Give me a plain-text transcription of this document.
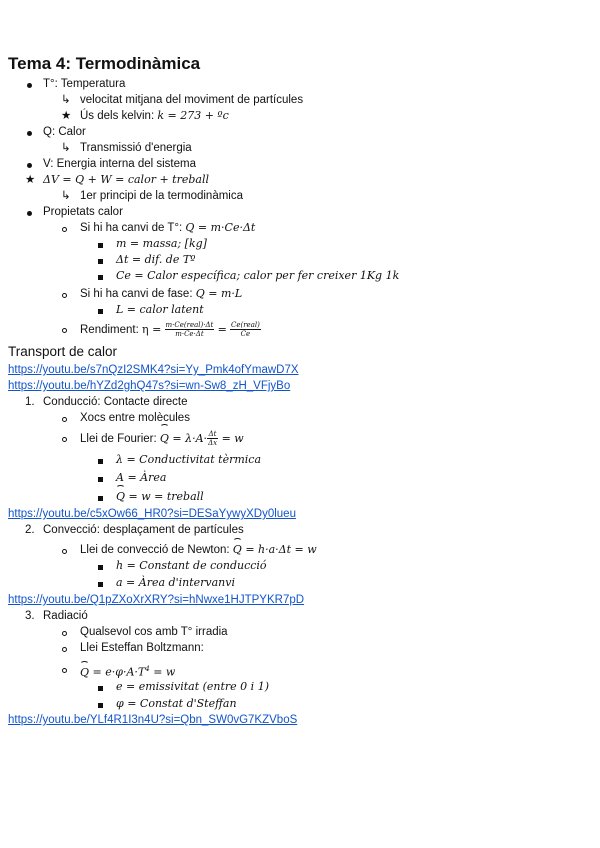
Tema 4: Termodinàmica
T°: Temperatura
↳ velocitat mitjana del moviment de partícules
★ Ús dels kelvin: k = 273 + ºc
Q: Calor
↳ Transmissió d'energia
V: Energia interna del sistema
★ ΔV = Q + W = calor + treball
↳ 1er principi de la termodinàmica
Propietats calor
Si hi ha canvi de T°: Q = m·Ce·Δt
m = massa; [kg]
Δt = dif. de Tº
Ce = Calor específica; calor per fer creixer 1Kg 1k
Si hi ha canvi de fase: Q = m·L
L = calor latent
Rendiment: $\eta = \frac{\text{m·Ce(real)·Δt}}{m\cdot Ce\cdot\Delta t} = \frac{\text{Ce(real)}}{Ce}$
Transport de calor
https://youtu.be/s7nQzI2SMK4?si=Yy_Pmk4ofYmawD7X
https://youtu.be/hYZd2ghQ47s?si=wn-Sw8_zH_VFjyBo
1. Conducció: Contacte directe
Xocs entre molècules
Llei de Fourier: $Q = \lambda\cdot A\cdot \frac{\Delta t}{\Delta x} = w$
λ = Conductivitat tèrmica
A = Àrea
Q = w = treball
https://youtu.be/c5xOw66_HR0?si=DESaYywyXDy0lueu
2. Convecció: desplaçament de partícules
Llei de convecció de Newton: Q = h·a·Δt = w
h = Constant de conducció
a = Àrea d'intervanvi
https://youtu.be/Q1pZXoXrXRY?si=hNwxe1HJTPYKR7pD
3. Radiació
Qualsevol cos amb T° irradia
Llei Esteffan Boltzmann:
$Q = e\cdot\varphi\cdot A\cdot T^4 = w$
e = emissivitat (entre 0 i 1)
φ = Constat d'Steffan
https://youtu.be/YLf4R1I3n4U?si=Qbn_SW0vG7KZVboS
